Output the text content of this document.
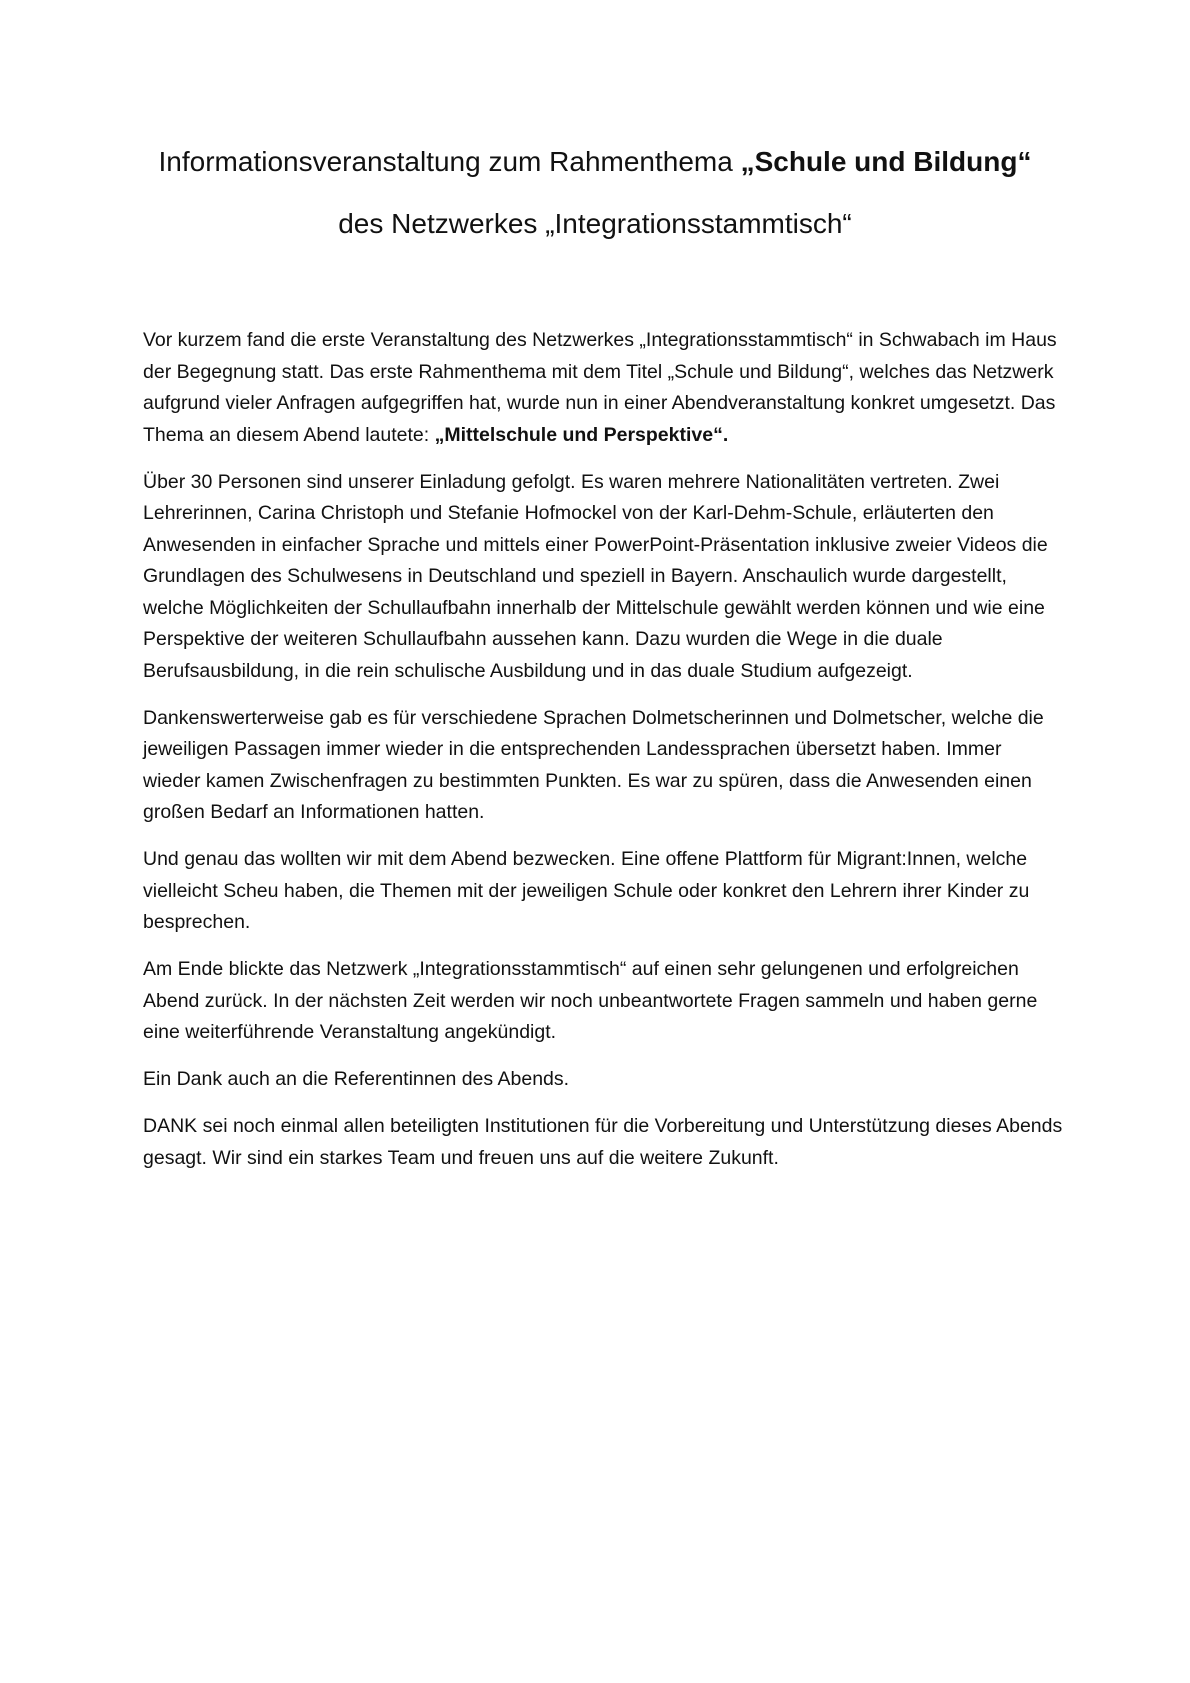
Informationsveranstaltung zum Rahmenthema „Schule und Bildung“
des Netzwerkes „Integrationsstammtisch“

Vor kurzem fand die erste Veranstaltung des Netzwerkes „Integrationsstammtisch“ in Schwabach im Haus der Begegnung statt. Das erste Rahmenthema mit dem Titel „Schule und Bildung“, welches das Netzwerk aufgrund vieler Anfragen aufgegriffen hat, wurde nun in einer Abendveranstaltung konkret umgesetzt. Das Thema an diesem Abend lautete: „Mittelschule und Perspektive“.

Über 30 Personen sind unserer Einladung gefolgt. Es waren mehrere Nationalitäten vertreten. Zwei Lehrerinnen, Carina Christoph und Stefanie Hofmockel von der Karl-Dehm-Schule, erläuterten den Anwesenden in einfacher Sprache und mittels einer PowerPoint-Präsentation inklusive zweier Videos die Grundlagen des Schulwesens in Deutschland und speziell in Bayern. Anschaulich wurde dargestellt, welche Möglichkeiten der Schullaufbahn innerhalb der Mittelschule gewählt werden können und wie eine Perspektive der weiteren Schullaufbahn aussehen kann. Dazu wurden die Wege in die duale Berufsausbildung, in die rein schulische Ausbildung und in das duale Studium aufgezeigt.

Dankenswerterweise gab es für verschiedene Sprachen Dolmetscherinnen und Dolmetscher, welche die jeweiligen Passagen immer wieder in die entsprechenden Landessprachen übersetzt haben. Immer wieder kamen Zwischenfragen zu bestimmten Punkten. Es war zu spüren, dass die Anwesenden einen großen Bedarf an Informationen hatten.

Und genau das wollten wir mit dem Abend bezwecken. Eine offene Plattform für Migrant:Innen, welche vielleicht Scheu haben, die Themen mit der jeweiligen Schule oder konkret den Lehrern ihrer Kinder zu besprechen.

Am Ende blickte das Netzwerk „Integrationsstammtisch“ auf einen sehr gelungenen und erfolgreichen Abend zurück. In der nächsten Zeit werden wir noch unbeantwortete Fragen sammeln und haben gerne eine weiterführende Veranstaltung angekündigt.

Ein Dank auch an die Referentinnen des Abends.

DANK sei noch einmal allen beteiligten Institutionen für die Vorbereitung und Unterstützung dieses Abends gesagt. Wir sind ein starkes Team und freuen uns auf die weitere Zukunft.
